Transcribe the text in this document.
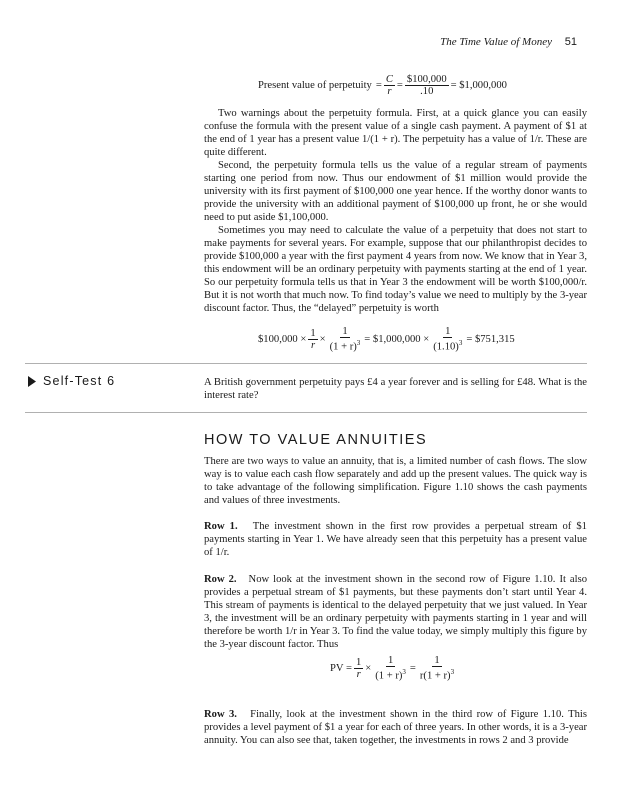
The Time Value of Money 51
Present value of perpetuity = $\frac{C}{r} = \frac{\$100,000}{.10}$ = $1,000,000

Two warnings about the perpetuity formula. First, at a quick glance you can easily confuse the formula with the present value of a single cash payment. A payment of $1 at the end of 1 year has a present value 1/(1 + r). The perpetuity has a value of 1/r. These are quite different.

Second, the perpetuity formula tells us the value of a regular stream of payments starting one period from now. Thus our endowment of $1 million would provide the university with its first payment of $100,000 one year hence. If the worthy donor wants to provide the university with an additional payment of $100,000 up front, he or she would need to put aside $1,100,000.

Sometimes you may need to calculate the value of a perpetuity that does not start to make payments for several years. For example, suppose that our philanthropist decides to provide $100,000 a year with the first payment 4 years from now. We know that in Year 3, this endowment will be an ordinary perpetuity with payments starting at the end of 1 year. So our perpetuity formula tells us that in Year 3 the endowment will be worth $100,000/r. But it is not worth that much now. To find today’s value we need to multiply by the 3-year discount factor. Thus, the “delayed” perpetuity is worth

$100,000 × $\frac{1}{r} \times \frac{1}{(1 + r)^3}$ = $1,000,000 × $\frac{1}{(1.10)^3}$ = $751,315
Self-Test 6	A British government perpetuity pays £4 a year forever and is selling for £48. What is the interest rate?
HOW TO VALUE ANNUITIES
There are two ways to value an annuity, that is, a limited number of cash flows. The slow way is to value each cash flow separately and add up the present values. The quick way is to take advantage of the following simplification. Figure 1.10 shows the cash payments and values of three investments.
Row 1. The investment shown in the first row provides a perpetual stream of $1 payments starting in Year 1. We have already seen that this perpetuity has a present value of 1/r.
Row 2. Now look at the investment shown in the second row of Figure 1.10. It also provides a perpetual stream of $1 payments, but these payments don’t start until Year 4. This stream of payments is identical to the delayed perpetuity that we just valued. In Year 3, the investment will be an ordinary perpetuity with payments starting in 1 year and will therefore be worth 1/r in Year 3. To find the value today, we simply multiply this figure by the 3-year discount factor. Thus
PV = $\frac{1}{r} \times \frac{1}{(1 + r)^3} = \frac{1}{r(1 + r)^3}$
Row 3. Finally, look at the investment shown in the third row of Figure 1.10. This provides a level payment of $1 a year for each of three years. In other words, it is a 3-year annuity. You can also see that, taken together, the investments in rows 2 and 3 provide
